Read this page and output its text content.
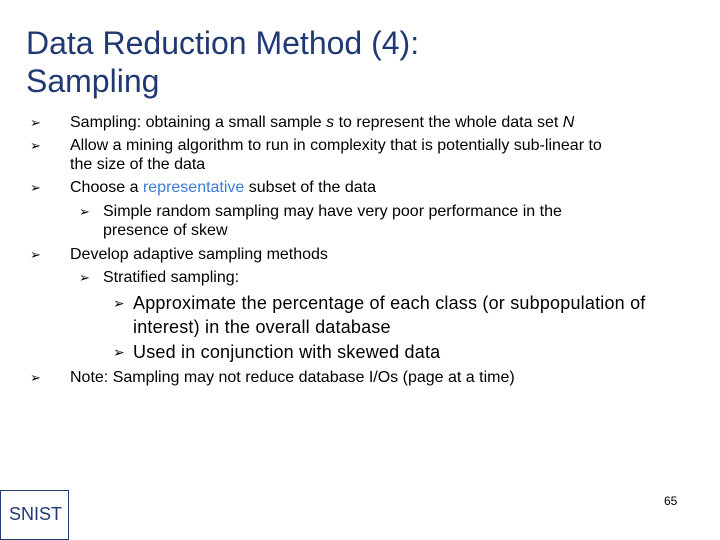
Data Reduction Method (4):
Sampling
➢ Sampling: obtaining a small sample s to represent the whole data set N
➢ Allow a mining algorithm to run in complexity that is potentially sub-linear to
the size of the data
➢ Choose a representative subset of the data
➢ Simple random sampling may have very poor performance in the
presence of skew
➢ Develop adaptive sampling methods
➢ Stratified sampling:
➢ Approximate the percentage of each class (or subpopulation of
interest) in the overall database
➢ Used in conjunction with skewed data
➢ Note: Sampling may not reduce database I/Os (page at a time)
SNIST
65
